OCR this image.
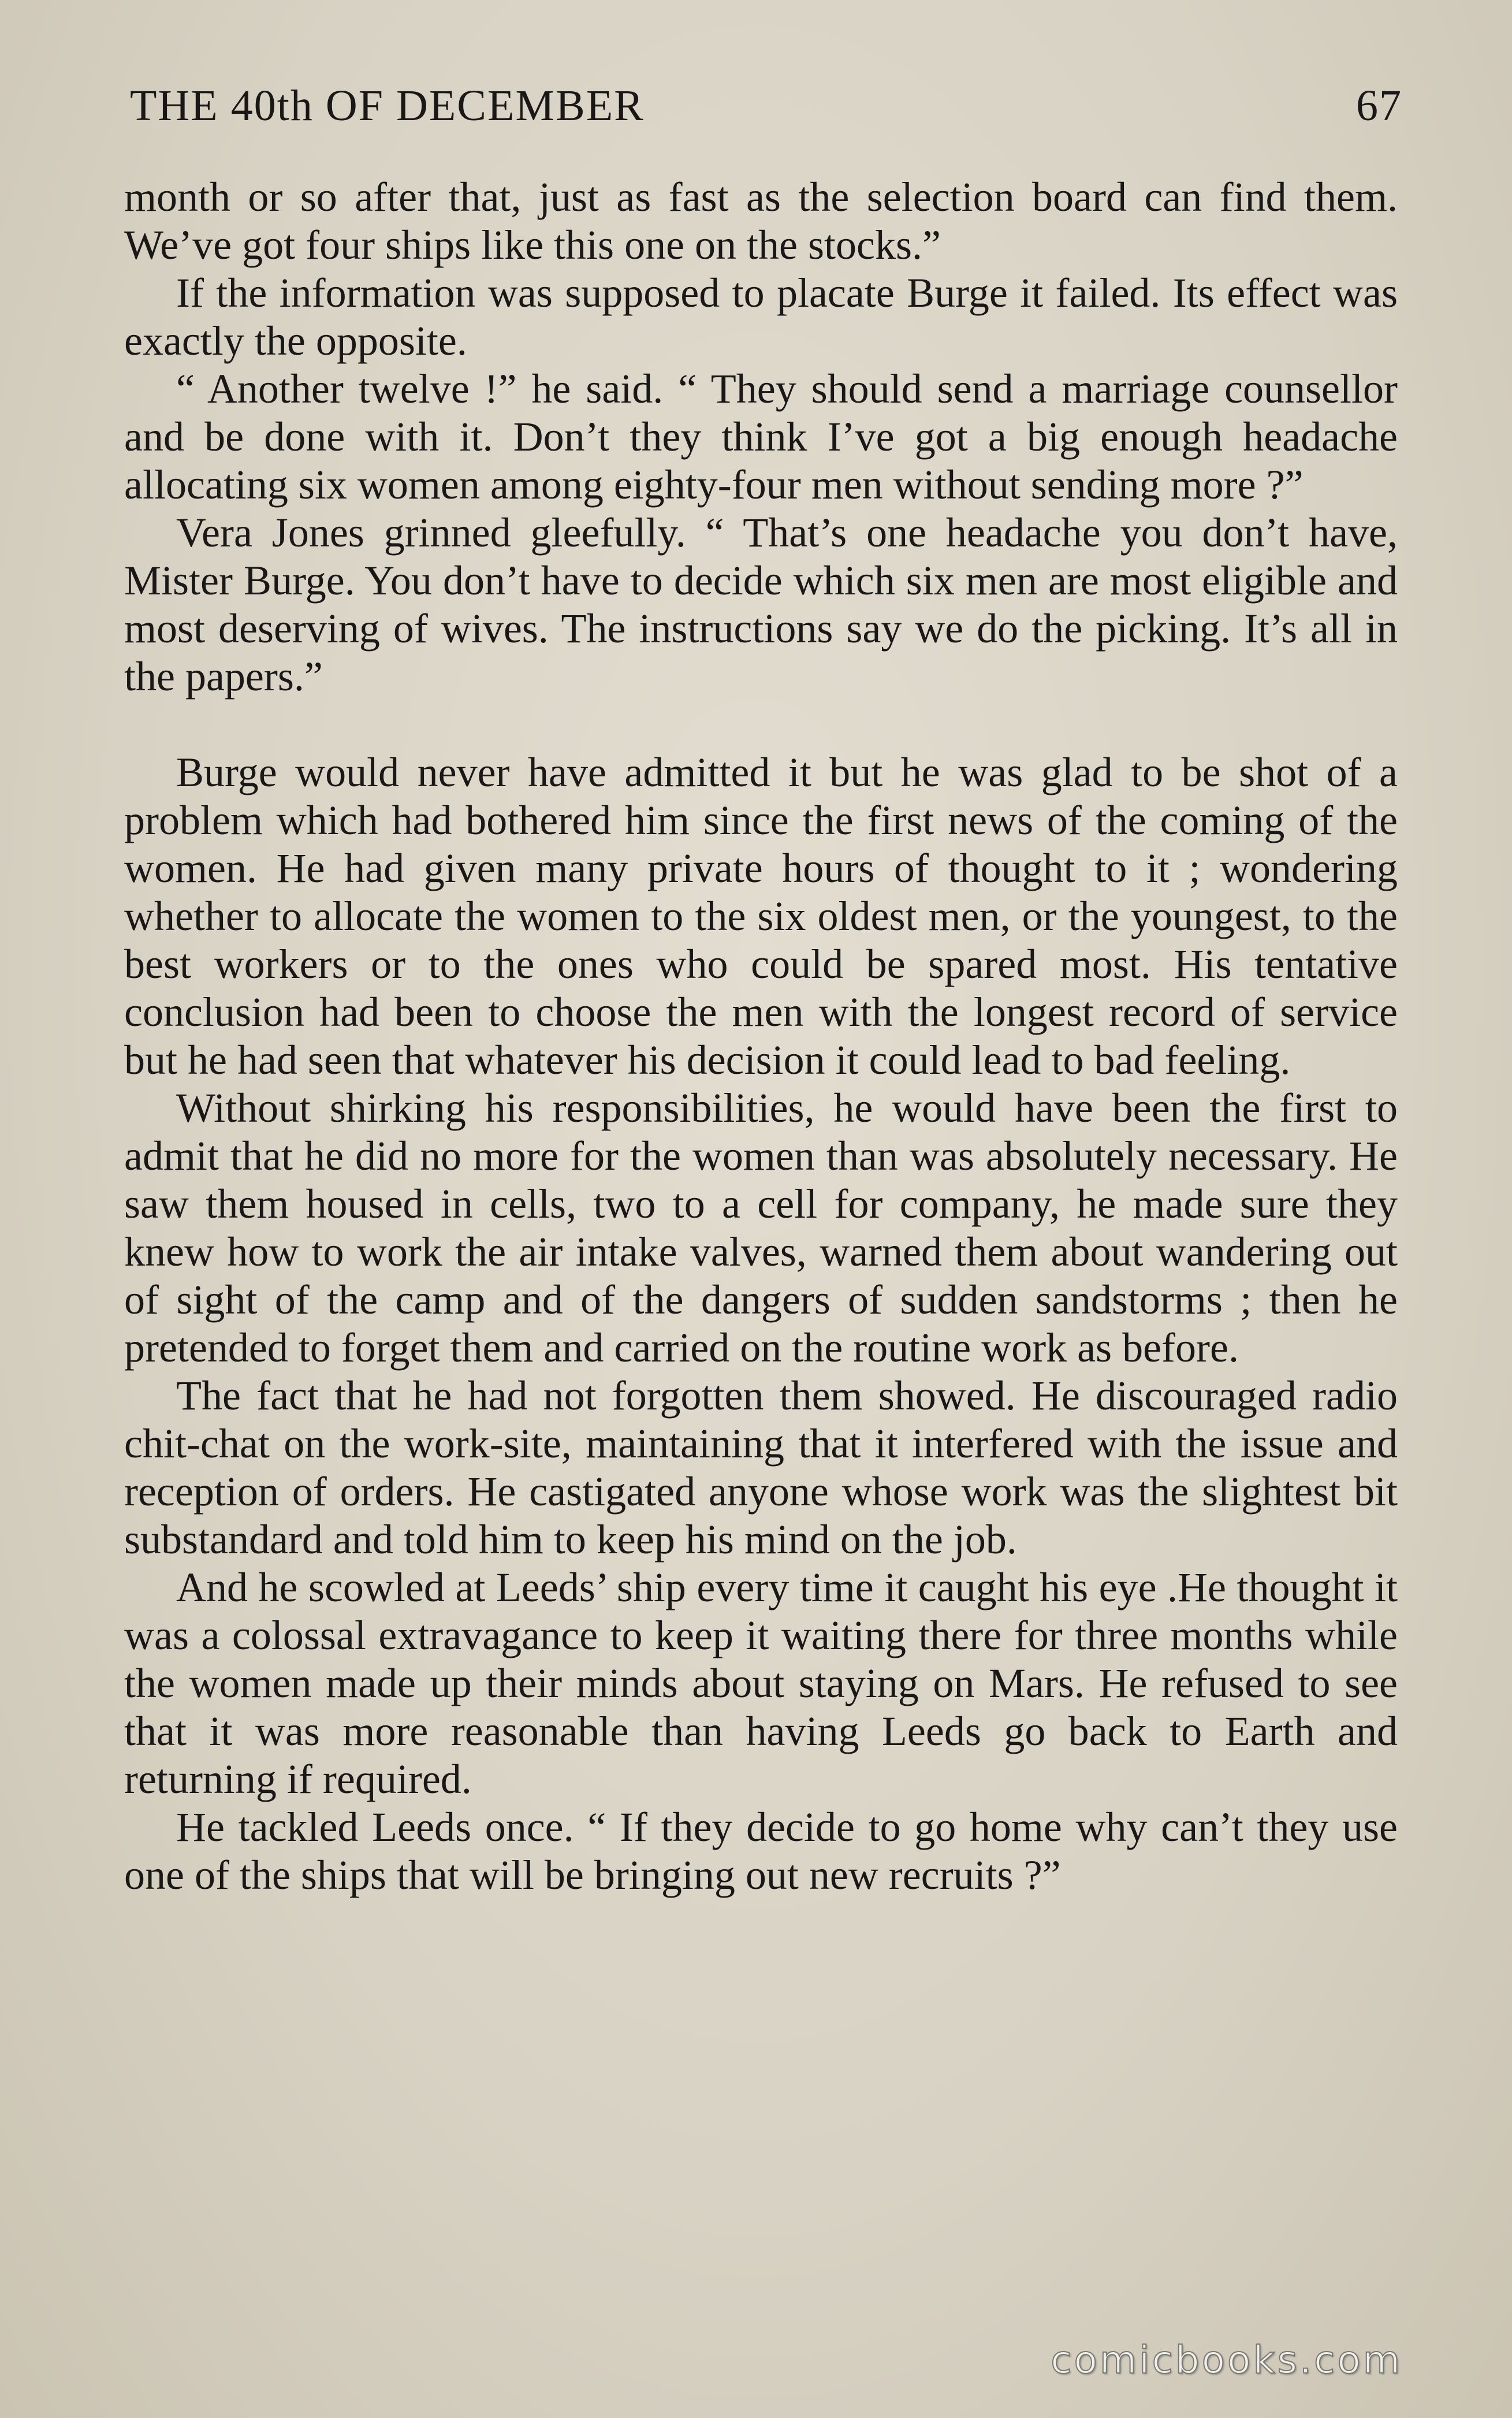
THE 40th OF DECEMBER	67

month or so after that, just as fast as the selection board can find them. We’ve got four ships like this one on the stocks.”

If the information was supposed to placate Burge it failed. Its effect was exactly the opposite.

“ Another twelve !” he said. “ They should send a marriage counsellor and be done with it. Don’t they think I’ve got a big enough headache allocating six women among eighty-four men without sending more ?”

Vera Jones grinned gleefully. “ That’s one headache you don’t have, Mister Burge. You don’t have to decide which six men are most eligible and most deserving of wives. The instructions say we do the picking. It’s all in the papers.”

Burge would never have admitted it but he was glad to be shot of a problem which had bothered him since the first news of the coming of the women. He had given many private hours of thought to it ; wondering whether to allocate the women to the six oldest men, or the youngest, to the best workers or to the ones who could be spared most. His tentative conclusion had been to choose the men with the longest record of service but he had seen that whatever his decision it could lead to bad feeling.

Without shirking his responsibilities, he would have been the first to admit that he did no more for the women than was absolutely necessary. He saw them housed in cells, two to a cell for company, he made sure they knew how to work the air intake valves, warned them about wandering out of sight of the camp and of the dangers of sudden sandstorms ; then he pretended to forget them and carried on the routine work as before.

The fact that he had not forgotten them showed. He discouraged radio chit-chat on the work-site, maintaining that it interfered with the issue and reception of orders. He castigated anyone whose work was the slightest bit substandard and told him to keep his mind on the job.

And he scowled at Leeds’ ship every time it caught his eye .He thought it was a colossal extravagance to keep it waiting there for three months while the women made up their minds about staying on Mars. He refused to see that it was more reasonable than having Leeds go back to Earth and returning if required.

He tackled Leeds once. “ If they decide to go home why can’t they use one of the ships that will be bringing out new recruits ?”

comicbooks.com
